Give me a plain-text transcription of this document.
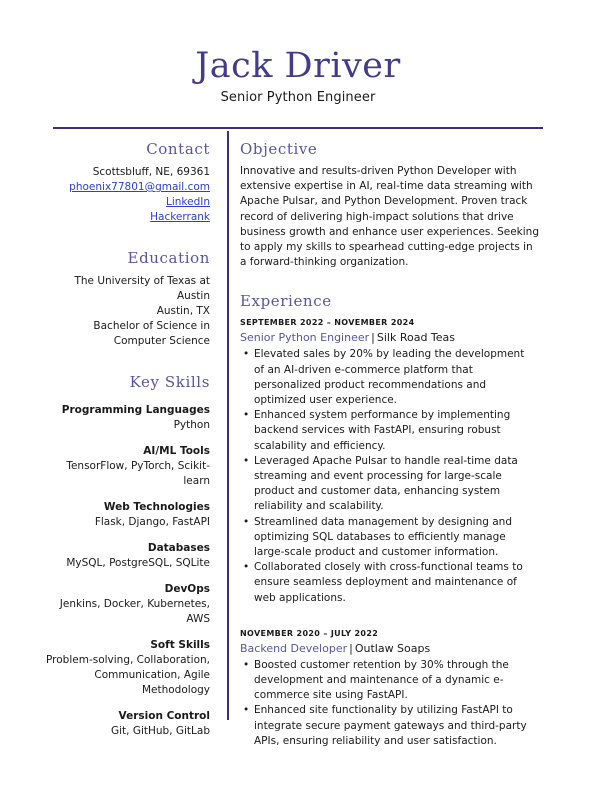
Jack Driver
Senior Python Engineer
Contact
Scottsbluff, NE, 69361
phoenix77801@gmail.com
LinkedIn
Hackerrank
Education
The University of Texas at Austin
Austin, TX
Bachelor of Science in
Computer Science
Key Skills
Programming Languages
Python
AI/ML Tools
TensorFlow, PyTorch, Scikit-learn
Web Technologies
Flask, Django, FastAPI
Databases
MySQL, PostgreSQL, SQLite
DevOps
Jenkins, Docker, Kubernetes, AWS
Soft Skills
Problem-solving, Collaboration, Communication, Agile Methodology
Version Control
Git, GitHub, GitLab
Objective
Innovative and results-driven Python Developer with extensive expertise in AI, real-time data streaming with Apache Pulsar, and Python Development. Proven track record of delivering high-impact solutions that drive business growth and enhance user experiences. Seeking to apply my skills to spearhead cutting-edge projects in a forward-thinking organization.
Experience
SEPTEMBER 2022 – NOVEMBER 2024
Senior Python Engineer | Silk Road Teas
• Elevated sales by 20% by leading the development of an AI-driven e-commerce platform that personalized product recommendations and optimized user experience.
• Enhanced system performance by implementing backend services with FastAPI, ensuring robust scalability and efficiency.
• Leveraged Apache Pulsar to handle real-time data streaming and event processing for large-scale product and customer data, enhancing system reliability and scalability.
• Streamlined data management by designing and optimizing SQL databases to efficiently manage large-scale product and customer information.
• Collaborated closely with cross-functional teams to ensure seamless deployment and maintenance of web applications.
NOVEMBER 2020 – JULY 2022
Backend Developer | Outlaw Soaps
• Boosted customer retention by 30% through the development and maintenance of a dynamic e-commerce site using FastAPI.
• Enhanced site functionality by utilizing FastAPI to integrate secure payment gateways and third-party APIs, ensuring reliability and user satisfaction.
